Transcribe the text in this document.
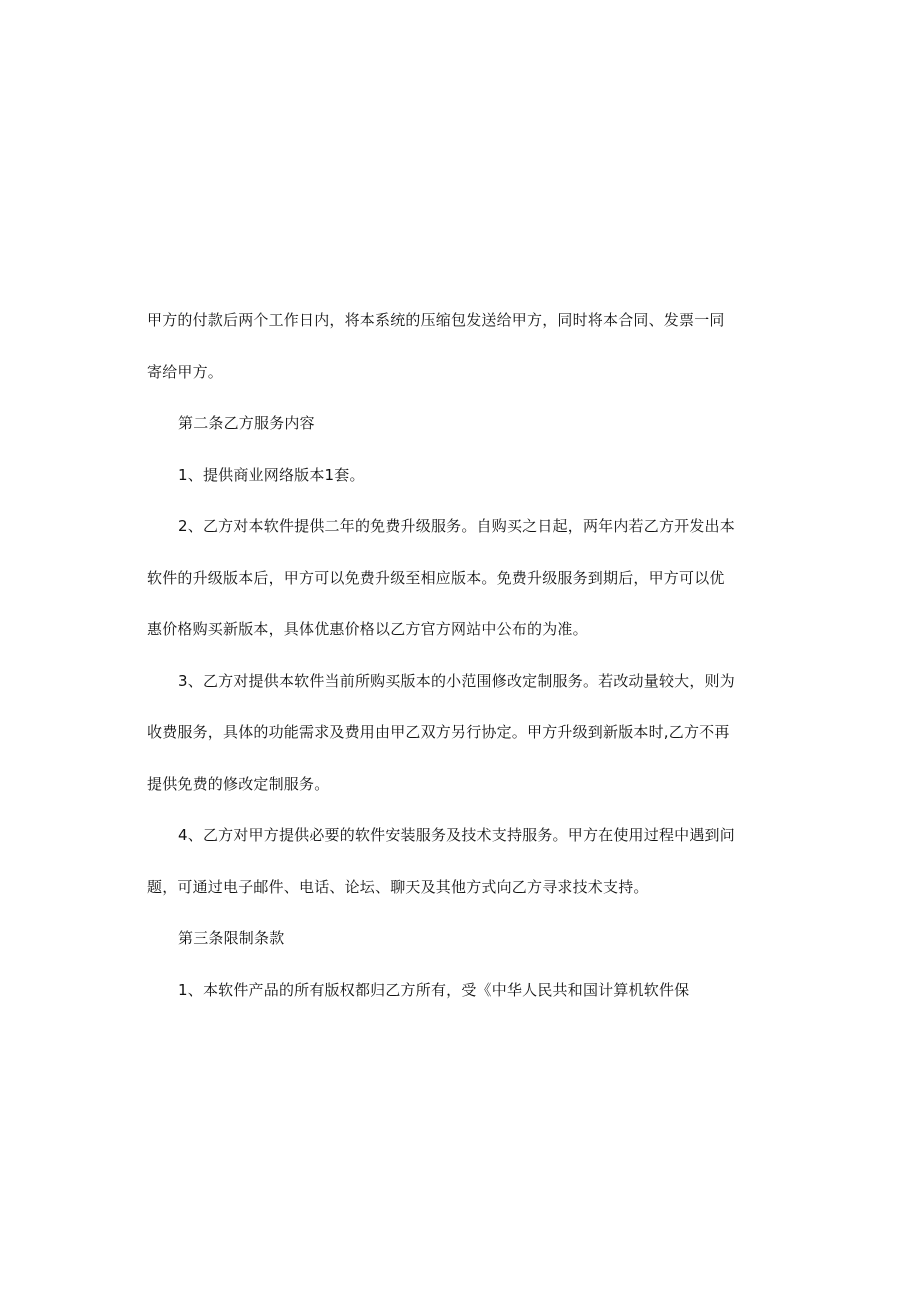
甲方的付款后两个工作日内，将本系统的压缩包发送给甲方，同时将本合同、发票一同
寄给甲方。
第二条乙方服务内容
1、提供商业网络版本1套。
2、乙方对本软件提供二年的免费升级服务。自购买之日起，两年内若乙方开发出本
软件的升级版本后，甲方可以免费升级至相应版本。免费升级服务到期后，甲方可以优
惠价格购买新版本，具体优惠价格以乙方官方网站中公布的为准。
3、乙方对提供本软件当前所购买版本的小范围修改定制服务。若改动量较大，则为
收费服务，具体的功能需求及费用由甲乙双方另行协定。甲方升级到新版本时,乙方不再
提供免费的修改定制服务。
4、乙方对甲方提供必要的软件安装服务及技术支持服务。甲方在使用过程中遇到问
题，可通过电子邮件、电话、论坛、聊天及其他方式向乙方寻求技术支持。
第三条限制条款
1、本软件产品的所有版权都归乙方所有，受《中华人民共和国计算机软件保
